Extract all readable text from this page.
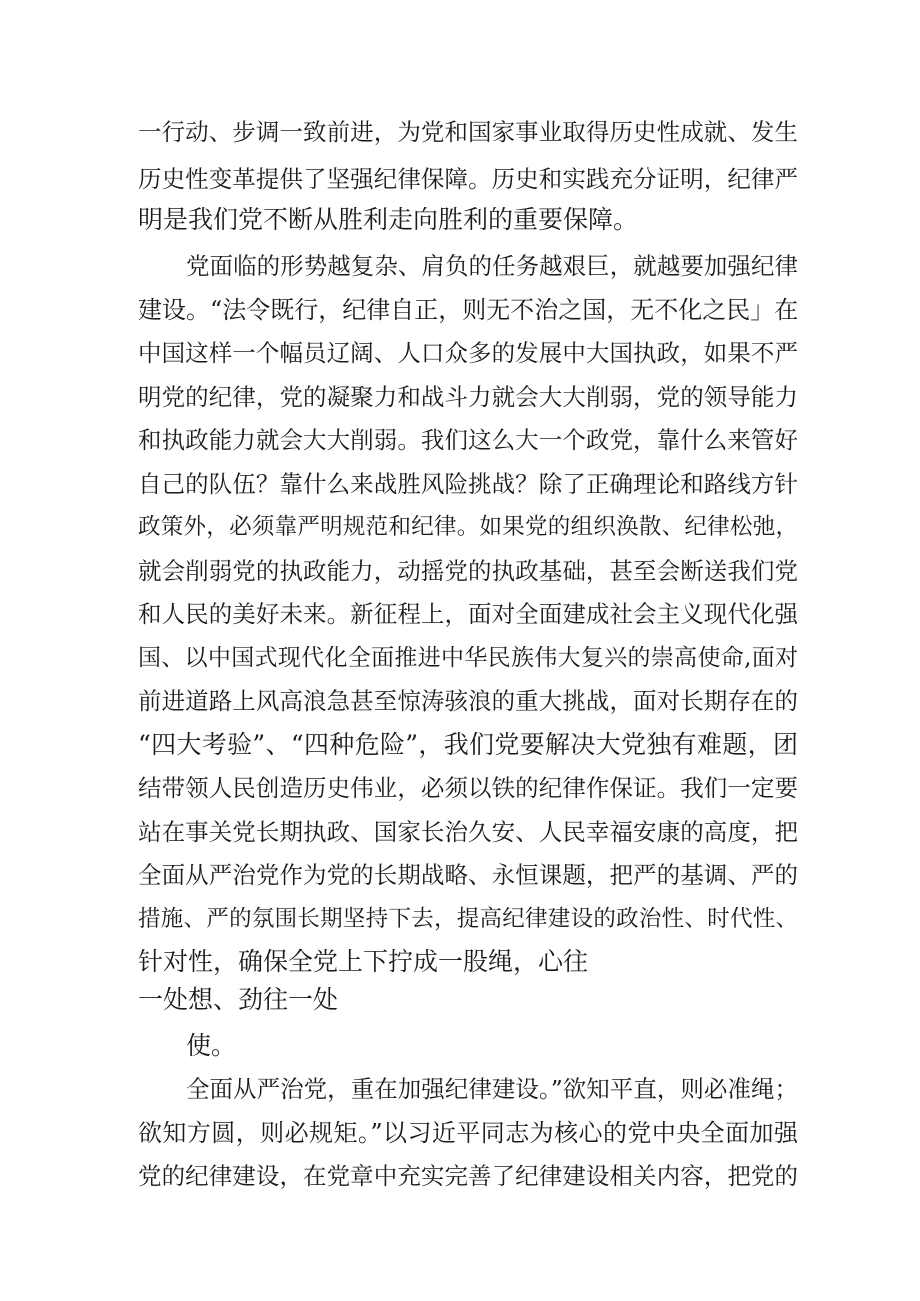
一行动、步调一致前进，为党和国家事业取得历史性成就、发生
历史性变革提供了坚强纪律保障。历史和实践充分证明，纪律严
明是我们党不断从胜利走向胜利的重要保障。
党面临的形势越复杂、肩负的任务越艰巨，就越要加强纪律
建设。“法令既行，纪律自正，则无不治之国，无不化之民」在
中国这样一个幅员辽阔、人口众多的发展中大国执政，如果不严
明党的纪律，党的凝聚力和战斗力就会大大削弱，党的领导能力
和执政能力就会大大削弱。我们这么大一个政党，靠什么来管好
自己的队伍？靠什么来战胜风险挑战？除了正确理论和路线方针
政策外，必须靠严明规范和纪律。如果党的组织涣散、纪律松弛，
就会削弱党的执政能力，动摇党的执政基础，甚至会断送我们党
和人民的美好未来。新征程上，面对全面建成社会主义现代化强
国、以中国式现代化全面推进中华民族伟大复兴的崇高使命,面对
前进道路上风高浪急甚至惊涛骇浪的重大挑战，面对长期存在的
“四大考验”、“四种危险”，我们党要解决大党独有难题，团
结带领人民创造历史伟业，必须以铁的纪律作保证。我们一定要
站在事关党长期执政、国家长治久安、人民幸福安康的高度，把
全面从严治党作为党的长期战略、永恒课题，把严的基调、严的
措施、严的氛围长期坚持下去，提高纪律建设的政治性、时代性、
针对性，确保全党上下拧成一股绳，心往
一处想、劲往一处
使。
全面从严治党，重在加强纪律建设。”欲知平直，则必准绳；
欲知方圆，则必规矩。”以习近平同志为核心的党中央全面加强
党的纪律建设，在党章中充实完善了纪律建设相关内容，把党的
